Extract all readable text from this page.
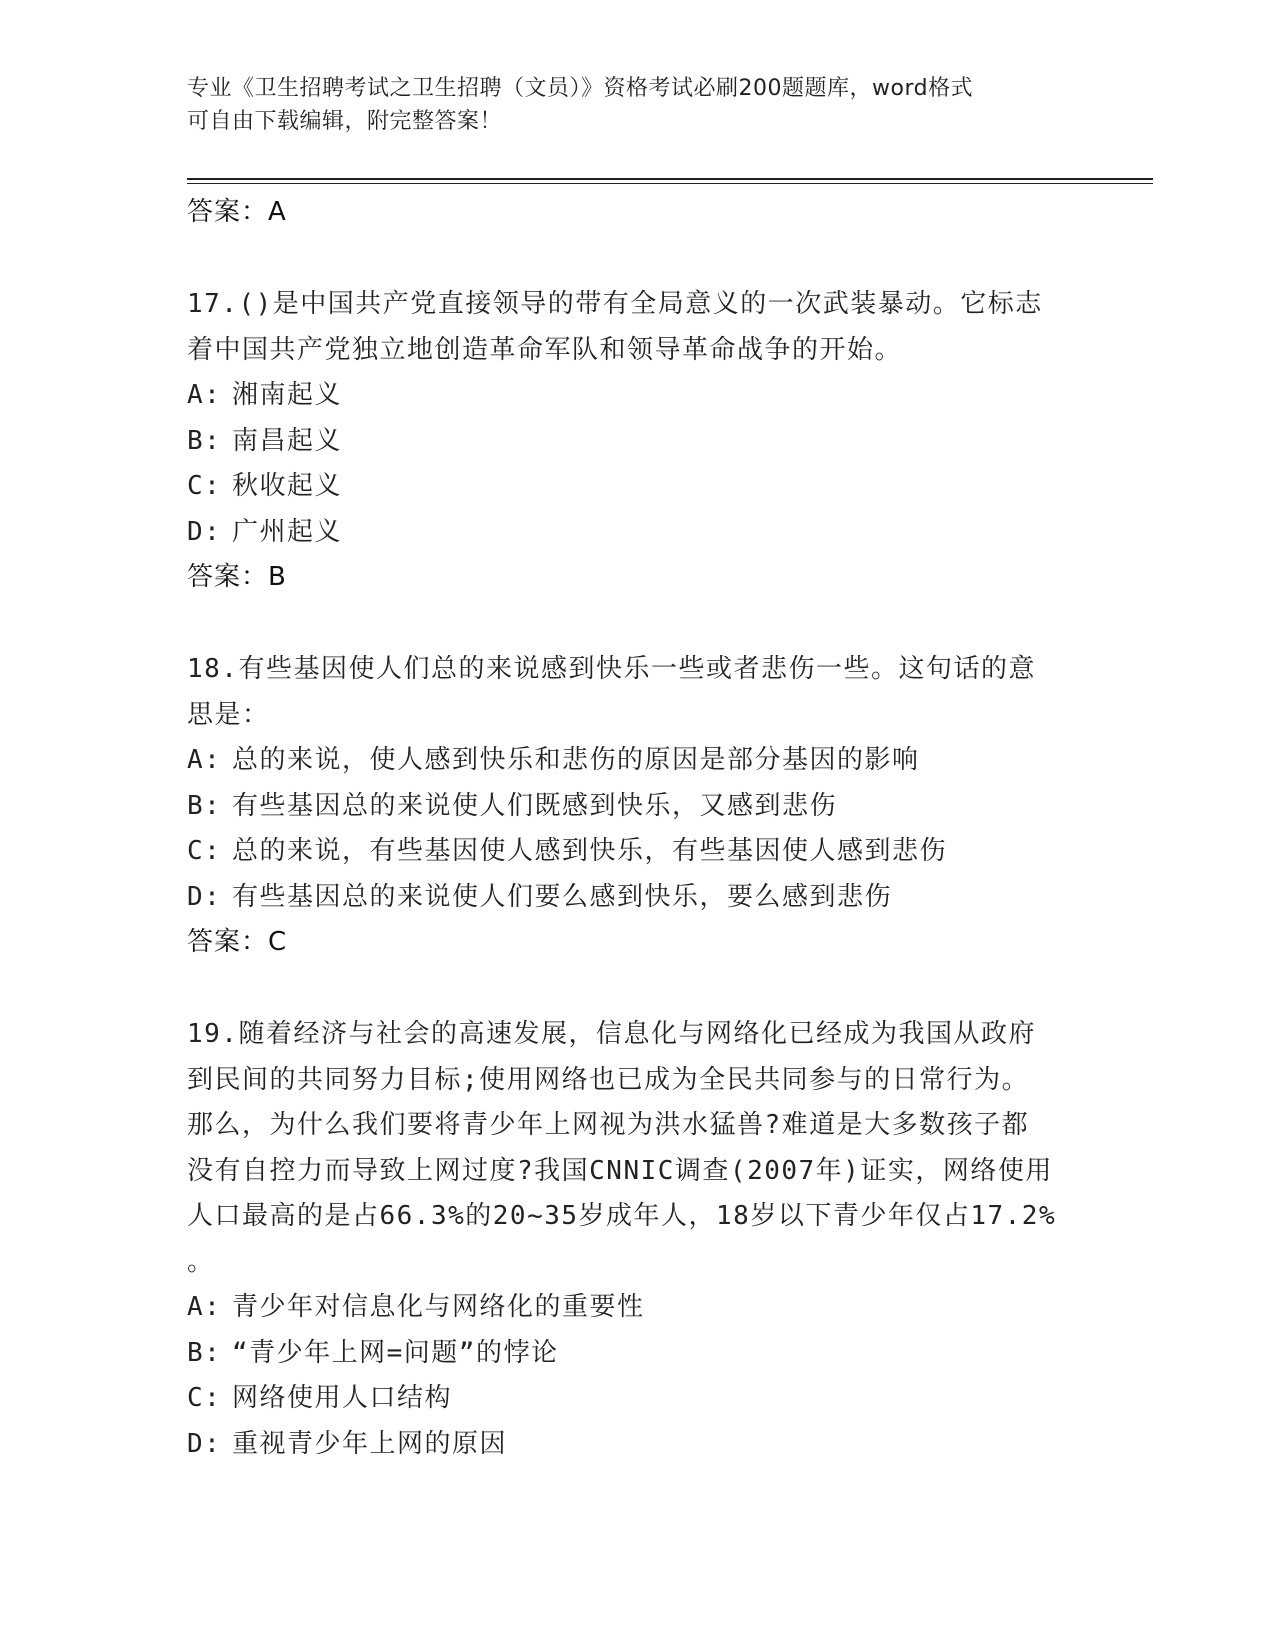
专业《卫生招聘考试之卫生招聘（文员）》资格考试必刷200题题库，word格式
可自由下载编辑，附完整答案！

答案：A

17.()是中国共产党直接领导的带有全局意义的一次武装暴动。它标志

着中国共产党独立地创造革命军队和领导革命战争的开始。

A: 湘南起义

B: 南昌起义

C: 秋收起义

D: 广州起义

答案：B

18.有些基因使人们总的来说感到快乐一些或者悲伤一些。这句话的意

思是：

A: 总的来说，使人感到快乐和悲伤的原因是部分基因的影响

B: 有些基因总的来说使人们既感到快乐，又感到悲伤

C: 总的来说，有些基因使人感到快乐，有些基因使人感到悲伤

D: 有些基因总的来说使人们要么感到快乐，要么感到悲伤

答案：C

19.随着经济与社会的高速发展，信息化与网络化已经成为我国从政府

到民间的共同努力目标;使用网络也已成为全民共同参与的日常行为。

那么，为什么我们要将青少年上网视为洪水猛兽?难道是大多数孩子都

没有自控力而导致上网过度?我国CNNIC调查(2007年)证实，网络使用

人口最高的是占66.3%的20~35岁成年人，18岁以下青少年仅占17.2%

。

A: 青少年对信息化与网络化的重要性

B: “青少年上网=问题”的悖论

C: 网络使用人口结构

D: 重视青少年上网的原因
